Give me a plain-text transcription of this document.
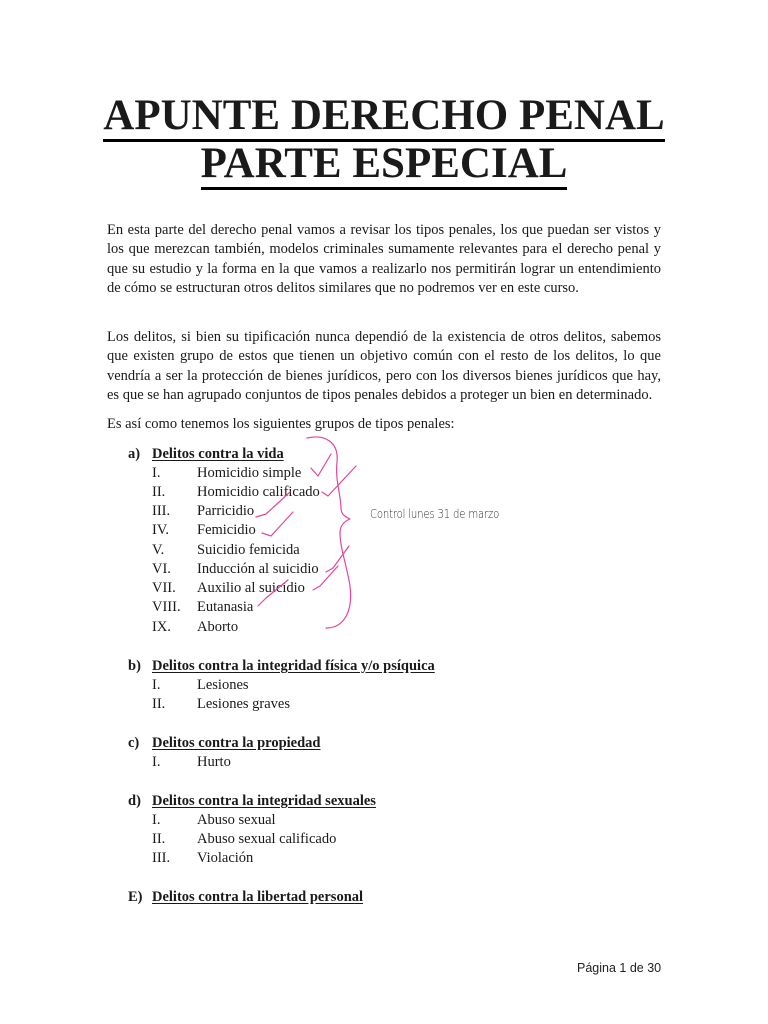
APUNTE DERECHO PENAL
PARTE ESPECIAL

En esta parte del derecho penal vamos a revisar los tipos penales, los que puedan ser vistos y los que merezcan también, modelos criminales sumamente relevantes para el derecho penal y que su estudio y la forma en la que vamos a realizarlo nos permitirán lograr un entendimiento de cómo se estructuran otros delitos similares que no podremos ver en este curso.

Los delitos, si bien su tipificación nunca dependió de la existencia de otros delitos, sabemos que existen grupo de estos que tienen un objetivo común con el resto de los delitos, lo que vendría a ser la protección de bienes jurídicos, pero con los diversos bienes jurídicos que hay, es que se han agrupado conjuntos de tipos penales debidos a proteger un bien en determinado.

Es así como tenemos los siguientes grupos de tipos penales:

a) Delitos contra la vida
I.	Homicidio simple
II. Homicidio calificado
III. Parricidio
IV. Femicidio
V. Suicidio femicida
VI. Inducción al suicidio
VII. Auxilio al suicidio
VIII. Eutanasia
IX. Aborto
b) Delitos contra la integridad física y/o psíquica
I.	Lesiones
II. Lesiones graves
c) Delitos contra la propiedad
I.	Hurto
d) Delitos contra la integridad sexuales
I.	Abuso sexual
II. Abuso sexual calificado
III. Violación
E) Delitos contra la libertad personal
Control lunes 31 de marzo
Página 1 de 30
